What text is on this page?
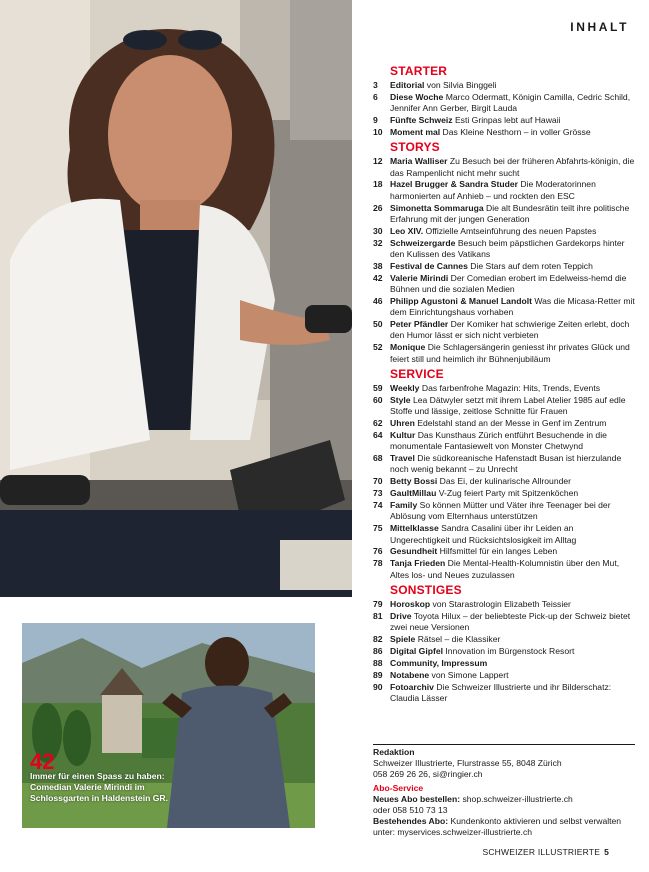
42
Immer für einen Spass zu haben:
Comedian Valerie Mirindi im
Schlossgarten in Haldenstein GR.
INHALT
STARTER
3	Editorial von Silvia Binggeli
6	Diese Woche Marco Odermatt, Königin Camilla, Cedric Schild, Jennifer Ann Gerber, Birgit Lauda
9	Fünfte Schweiz Esti Grinpas lebt auf Hawaii
10 Moment mal Das Kleine Nesthorn – in voller Grösse
STORYS
12 Maria Walliser Zu Besuch bei der früheren Abfahrts-königin, die das Rampenlicht nicht mehr sucht
18 Hazel Brugger & Sandra Studer Die Moderatorinnen harmonierten auf Anhieb – und rockten den ESC
26 Simonetta Sommaruga Die alt Bundesrätin teilt ihre politische Erfahrung mit der jungen Generation
30 Leo XIV. Offizielle Amtseinführung des neuen Papstes
32 Schweizergarde Besuch beim päpstlichen Gardekorps hinter den Kulissen des Vatikans
38 Festival de Cannes Die Stars auf dem roten Teppich
42 Valerie Mirindi Der Comedian erobert im Edelweiss-hemd die Bühnen und die sozialen Medien
46 Philipp Agustoni & Manuel Landolt Was die Micasa-Retter mit dem Einrichtungshaus vorhaben
50 Peter Pfändler Der Komiker hat schwierige Zeiten erlebt, doch den Humor lässt er sich nicht verbieten
52 Monique Die Schlagersängerin geniesst ihr privates Glück und feiert still und heimlich ihr Bühnenjubiläum
SERVICE
59 Weekly Das farbenfrohe Magazin: Hits, Trends, Events
60 Style Lea Dätwyler setzt mit ihrem Label Atelier 1985 auf edle Stoffe und lässige, zeitlose Schnitte für Frauen
62 Uhren Edelstahl stand an der Messe in Genf im Zentrum
64 Kultur Das Kunsthaus Zürich entführt Besuchende in die monumentale Fantasiewelt von Monster Chetwynd
68 Travel Die südkoreanische Hafenstadt Busan ist hierzulande noch wenig bekannt – zu Unrecht
70 Betty Bossi Das Ei, der kulinarische Allrounder
73 GaultMillau V-Zug feiert Party mit Spitzenköchen
74 Family So können Mütter und Väter ihre Teenager bei der Ablösung vom Elternhaus unterstützen
75 Mittelklasse Sandra Casalini über ihr Leiden an Ungerechtigkeit und Rücksichtslosigkeit im Alltag
76 Gesundheit Hilfsmittel für ein langes Leben
78 Tanja Frieden Die Mental-Health-Kolumnistin über den Mut, Altes los- und Neues zuzulassen
SONSTIGES
79 Horoskop von Starastrologin Elizabeth Teissier
81 Drive Toyota Hilux – der beliebteste Pick-up der Schweiz bietet zwei neue Versionen
82 Spiele Rätsel – die Klassiker
86 Digital Gipfel Innovation im Bürgenstock Resort
88 Community, Impressum
89 Notabene von Simone Lappert
90 Fotoarchiv Die Schweizer Illustrierte und ihr Bilderschatz: Claudia Lässer
Redaktion
Schweizer Illustrierte, Flurstrasse 55, 8048 Zürich
058 269 26 26, si@ringier.ch
Abo-Service
Neues Abo bestellen: shop.schweizer-illustrierte.ch
oder 058 510 73 13
Bestehendes Abo: Kundenkonto aktivieren und selbst verwalten unter: myservices.schweizer-illustrierte.ch
SCHWEIZER ILLUSTRIERTE 5
